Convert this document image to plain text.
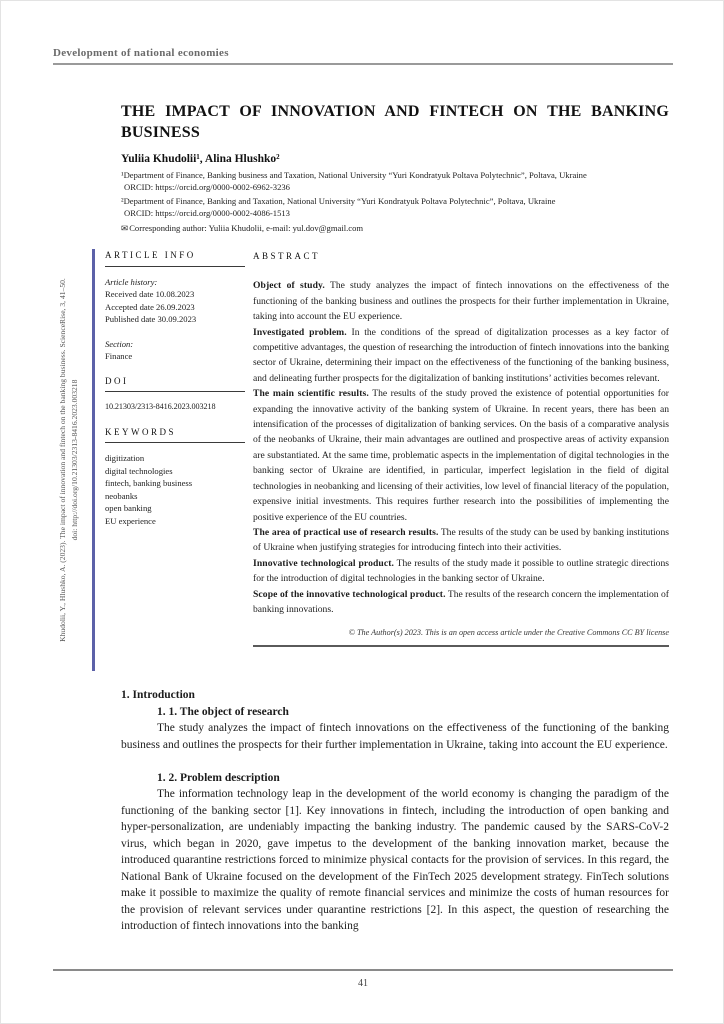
Development of national economies
THE IMPACT OF INNOVATION AND FINTECH ON THE BANKING BUSINESS
Yuliia Khudolii¹, Alina Hlushko²
¹Department of Finance, Banking business and Taxation, National University “Yuri Kondratyuk Poltava Polytechnic”, Poltava, Ukraine
ORCID: https://orcid.org/0000-0002-6962-3236
²Department of Finance, Banking and Taxation, National University “Yuri Kondratyuk Poltava Polytechnic”, Poltava, Ukraine
ORCID: https://orcid.org/0000-0002-4086-1513
✉Corresponding author: Yuliia Khudolii, e-mail: yul.dov@gmail.com
Khudolii, Y., Hlushko, A. (2023). The impact of innovation and fintech on the banking business. ScienceRise, 3, 41–50. doi: http://doi.org/10.21303/2313-8416.2023.003218
ARTICLE INFO
Article history:
Received date 10.08.2023
Accepted date 26.09.2023
Published date 30.09.2023
Section:
Finance
DOI
10.21303/2313-8416.2023.003218
KEYWORDS
digitization
digital technologies
fintech, banking business
neobanks
open banking
EU experience
ABSTRACT

Object of study. The study analyzes the impact of fintech innovations on the effectiveness of the functioning of the banking business and outlines the prospects for their further implementation in Ukraine, taking into account the EU experience.

Investigated problem. In the conditions of the spread of digitalization processes as a key factor of competitive advantages, the question of researching the introduction of fintech innovations into the banking sector of Ukraine, determining their impact on the effectiveness of the functioning of the banking business, and delineating further prospects for the digitalization of banking institutions’ activities becomes relevant.

The main scientific results. The results of the study proved the existence of potential opportunities for expanding the innovative activity of the banking system of Ukraine. In recent years, there has been an intensification of the processes of digitalization of banking services. On the basis of a comparative analysis of the neobanks of Ukraine, their main advantages are outlined and prospective areas of activity expansion are substantiated. At the same time, problematic aspects in the implementation of digital technologies in the banking sector of Ukraine are identified, in particular, imperfect legislation in the field of digital technologies in neobanking and licensing of their activities, low level of financial literacy of the population, expensive initial investments. This requires further research into the possibilities of implementing the positive experience of the EU countries.

The area of practical use of research results. The results of the study can be used by banking institutions of Ukraine when justifying strategies for introducing fintech into their activities.

Innovative technological product. The results of the study made it possible to outline strategic directions for the introduction of digital technologies in the banking sector of Ukraine.

Scope of the innovative technological product. The results of the research concern the implementation of banking innovations.

© The Author(s) 2023. This is an open access article under the Creative Commons CC BY license
1. Introduction
1. 1. The object of research

The study analyzes the impact of fintech innovations on the effectiveness of the functioning of the banking business and outlines the prospects for their further implementation in Ukraine, taking into account the EU experience.

1. 2. Problem description

The information technology leap in the development of the world economy is changing the paradigm of the functioning of the banking sector [1]. Key innovations in fintech, including the introduction of open banking and hyper-personalization, are undeniably impacting the banking industry. The pandemic caused by the SARS-CoV-2 virus, which began in 2020, gave impetus to the development of the banking innovation market, because the introduced quarantine restrictions forced to minimize physical contacts for the provision of services. In this regard, the National Bank of Ukraine focused on the development of the FinTech 2025 development strategy. FinTech solutions make it possible to maximize the quality of remote financial services and minimize the costs of human resources for the provision of relevant services under quarantine restrictions [2]. In this aspect, the question of researching the introduction of fintech innovations into the banking

41
